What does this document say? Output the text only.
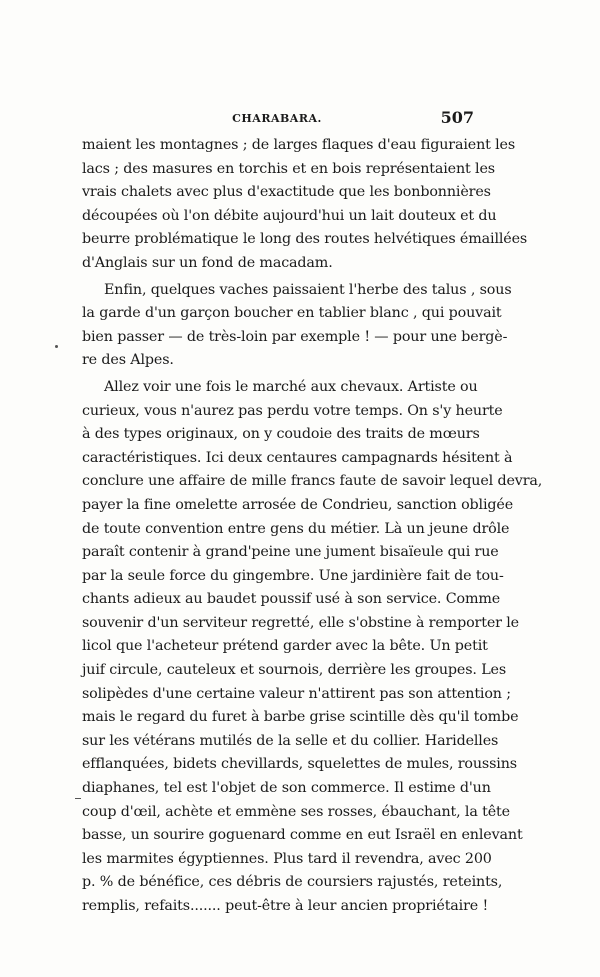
CHARABARA.	507
maient les montagnes ; de larges flaques d'eau figuraient les
lacs ; des masures en torchis et en bois représentaient les
vrais chalets avec plus d'exactitude que les bonbonnières
découpées où l'on débite aujourd'hui un lait douteux et du
beurre problématique le long des routes helvétiques émaillées
d'Anglais sur un fond de macadam.
Enfin, quelques vaches paissaient l'herbe des talus , sous
la garde d'un garçon boucher en tablier blanc , qui pouvait
bien passer — de très-loin par exemple ! — pour une bergè-
re des Alpes.
Allez voir une fois le marché aux chevaux. Artiste ou
curieux, vous n'aurez pas perdu votre temps. On s'y heurte
à des types originaux, on y coudoie des traits de mœurs
caractéristiques. Ici deux centaures campagnards hésitent à
conclure une affaire de mille francs faute de savoir lequel devra,
payer la fine omelette arrosée de Condrieu, sanction obligée
de toute convention entre gens du métier. Là un jeune drôle
paraît contenir à grand'peine une jument bisaïeule qui rue
par la seule force du gingembre. Une jardinière fait de tou-
chants adieux au baudet poussif usé à son service. Comme
souvenir d'un serviteur regretté, elle s'obstine à remporter le
licol que l'acheteur prétend garder avec la bête. Un petit
juif circule, cauteleux et sournois, derrière les groupes. Les
solipèdes d'une certaine valeur n'attirent pas son attention ;
mais le regard du furet à barbe grise scintille dès qu'il tombe
sur les vétérans mutilés de la selle et du collier. Haridelles
efflanquées, bidets chevillards, squelettes de mules, roussins
diaphanes, tel est l'objet de son commerce. Il estime d'un
coup d'œil, achète et emmène ses rosses, ébauchant, la tête
basse, un sourire goguenard comme en eut Israël en enlevant
les marmites égyptiennes. Plus tard il revendra, avec 200
p. % de bénéfice, ces débris de coursiers rajustés, reteints,
remplis, refaits....... peut-être à leur ancien propriétaire !
